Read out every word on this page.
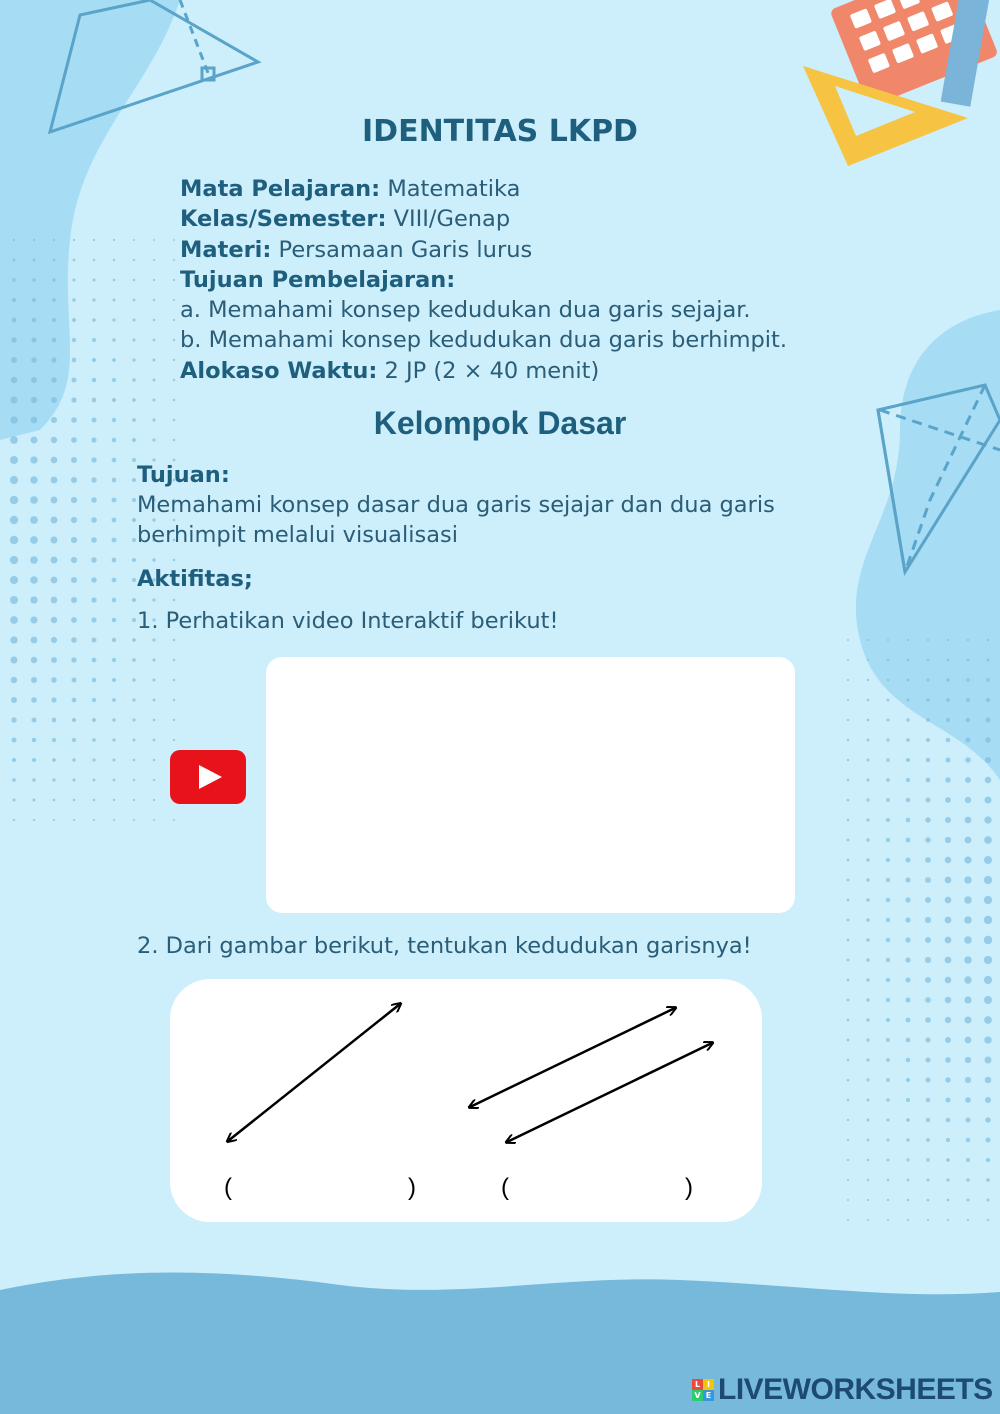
IDENTITAS LKPD
Mata Pelajaran: Matematika
Kelas/Semester: VIII/Genap
Materi: Persamaan Garis lurus
Tujuan Pembelajaran:
a. Memahami konsep kedudukan dua garis sejajar.
b. Memahami konsep kedudukan dua garis berhimpit.
Alokaso Waktu: 2 JP (2 × 40 menit)
Kelompok Dasar
Tujuan:
Memahami konsep dasar dua garis sejajar dan dua garis berhimpit melalui visualisasi
Aktifitas;
1. Perhatikan video Interaktif berikut!
2. Dari gambar berikut, tentukan kedudukan garisnya!
(	)	(	)
L I
V E LIVEWORKSHEETS
